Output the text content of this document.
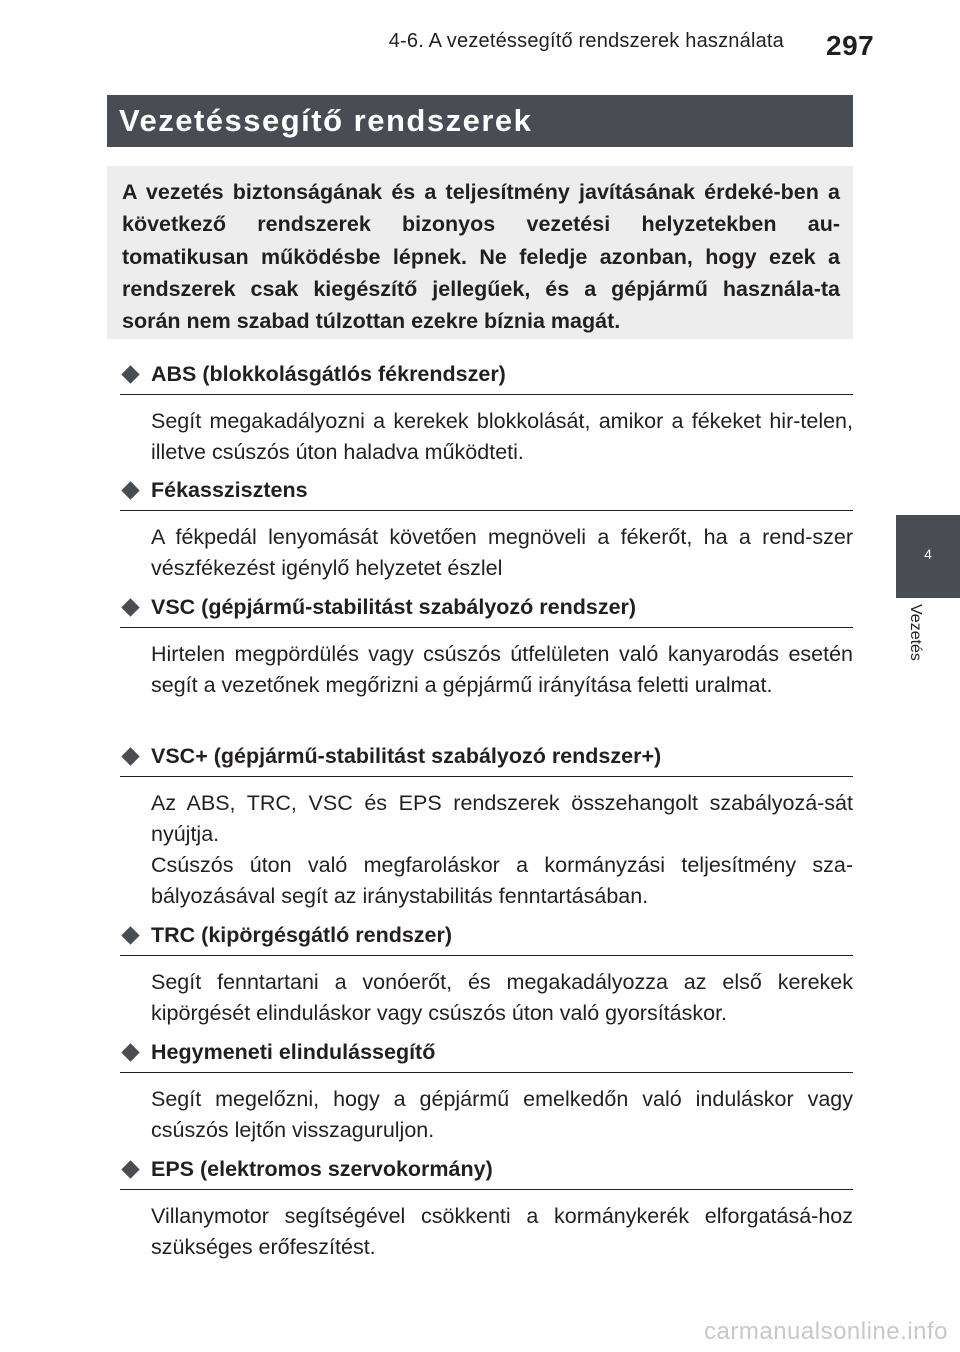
4-6. A vezetéssegítő rendszerek használata 297
Vezetéssegítő rendszerek
A vezetés biztonságának és a teljesítmény javításának érdeké-ben a következő rendszerek bizonyos vezetési helyzetekben au-tomatikusan működésbe lépnek. Ne feledje azonban, hogy ezek a rendszerek csak kiegészítő jellegűek, és a gépjármű használa-ta során nem szabad túlzottan ezekre bíznia magát.
4
Vezetés
ABS (blokkolásgátlós fékrendszer)

Segít megakadályozni a kerekek blokkolását, amikor a fékeket hir-telen, illetve csúszós úton haladva működteti.

Fékasszisztens

A fékpedál lenyomását követően megnöveli a fékerőt, ha a rend-szer vészfékezést igénylő helyzetet észlel

VSC (gépjármű-stabilitást szabályozó rendszer)

Hirtelen megpördülés vagy csúszós útfelületen való kanyarodás esetén segít a vezetőnek megőrizni a gépjármű irányítása feletti uralmat.

VSC+ (gépjármű-stabilitást szabályozó rendszer+)

Az ABS, TRC, VSC és EPS rendszerek összehangolt szabályozá-sát nyújtja.

Csúszós úton való megfaroláskor a kormányzási teljesítmény sza-bályozásával segít az iránystabilitás fenntartásában.

TRC (kipörgésgátló rendszer)

Segít fenntartani a vonóerőt, és megakadályozza az első kerekek kipörgését elinduláskor vagy csúszós úton való gyorsításkor.

Hegymeneti elindulássegítő

Segít megelőzni, hogy a gépjármű emelkedőn való induláskor vagy csúszós lejtőn visszaguruljon.

EPS (elektromos szervokormány)

Villanymotor segítségével csökkenti a kormánykerék elforgatásá-hoz szükséges erőfeszítést.

carmanualsonline.info
